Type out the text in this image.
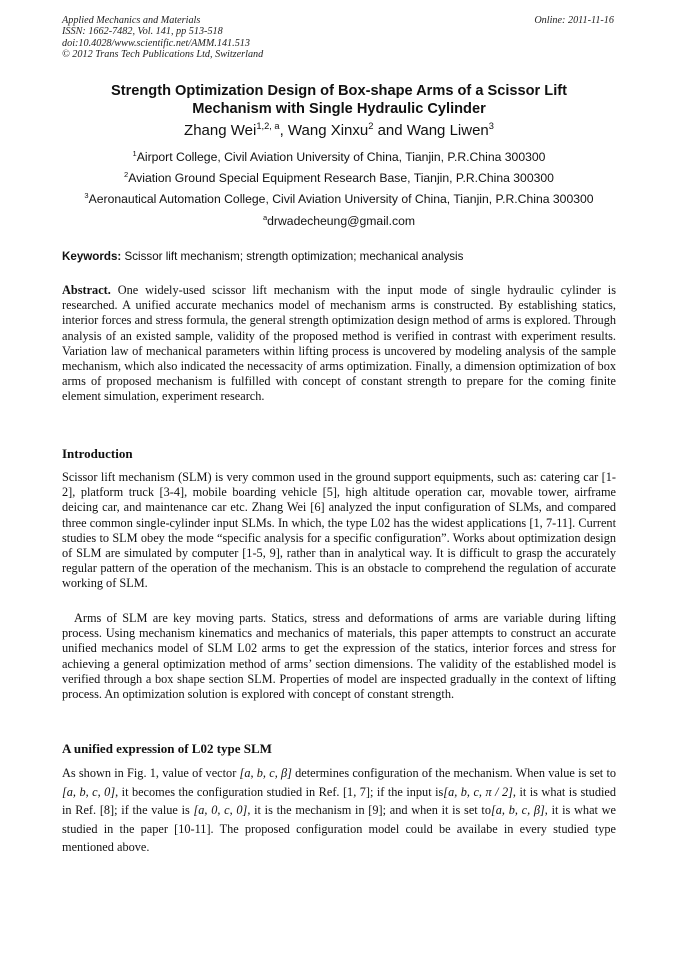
Applied Mechanics and Materials
ISSN: 1662-7482, Vol. 141, pp 513-518
doi:10.4028/www.scientific.net/AMM.141.513
© 2012 Trans Tech Publications Ltd, Switzerland
Online: 2011-11-16
Strength Optimization Design of Box-shape Arms of a Scissor Lift
Mechanism with Single Hydraulic Cylinder
Zhang Wei$^{1,2, a}$, Wang Xinxu$^2$ and Wang Liwen$^3$
$^1$Airport College, Civil Aviation University of China, Tianjin, P.R.China 300300
$^2$Aviation Ground Special Equipment Research Base, Tianjin, P.R.China 300300
$^3$Aeronautical Automation College, Civil Aviation University of China, Tianjin, P.R.China 300300
$^a$drwadecheung@gmail.com
Keywords: Scissor lift mechanism; strength optimization; mechanical analysis
Abstract. One widely-used scissor lift mechanism with the input mode of single hydraulic cylinder is researched. A unified accurate mechanics model of mechanism arms is constructed. By establishing statics, interior forces and stress formula, the general strength optimization design method of arms is explored. Through analysis of an existed sample, validity of the proposed method is verified in contrast with experiment results. Variation law of mechanical parameters within lifting process is uncovered by modeling analysis of the sample mechanism, which also indicated the necessacity of arms optimization. Finally, a dimension optimization of box arms of proposed mechanism is fulfilled with concept of constant strength to prepare for the coming finite element simulation, experiment research.
Introduction
Scissor lift mechanism (SLM) is very common used in the ground support equipments, such as: catering car [1-2], platform truck [3-4], mobile boarding vehicle [5], high altitude operation car, movable tower, airframe deicing car, and maintenance car etc. Zhang Wei [6] analyzed the input configuration of SLMs, and compared three common single-cylinder input SLMs. In which, the type L02 has the widest applications [1, 7-11]. Current studies to SLM obey the mode “specific analysis for a specific configuration”. Works about optimization design of SLM are simulated by computer [1-5, 9], rather than in analytical way. It is difficult to grasp the accurately regular pattern of the operation of the mechanism. This is an obstacle to comprehend the regulation of accurate working of SLM.
Arms of SLM are key moving parts. Statics, stress and deformations of arms are variable during lifting process. Using mechanism kinematics and mechanics of materials, this paper attempts to construct an accurate unified mechanics model of SLM L02 arms to get the expression of the statics, interior forces and stress for achieving a general optimization method of arms’ section dimensions. The validity of the established model is verified through a box shape section SLM. Properties of model are inspected gradually in the context of lifting process. An optimization solution is explored with concept of constant strength.
A unified expression of L02 type SLM
As shown in Fig. 1, value of vector [a, b, c, β] determines configuration of the mechanism. When value is set to [a, b, c, 0], it becomes the configuration studied in Ref. [1, 7]; if the input is[a, b, c, π / 2], it is what is studied in Ref. [8]; if the value is [a, 0, c, 0], it is the mechanism in [9]; and when it is set to[a, b, c, β], it is what we studied in the paper [10-11]. The proposed configuration model could be availabe in every studied type mentioned above.
